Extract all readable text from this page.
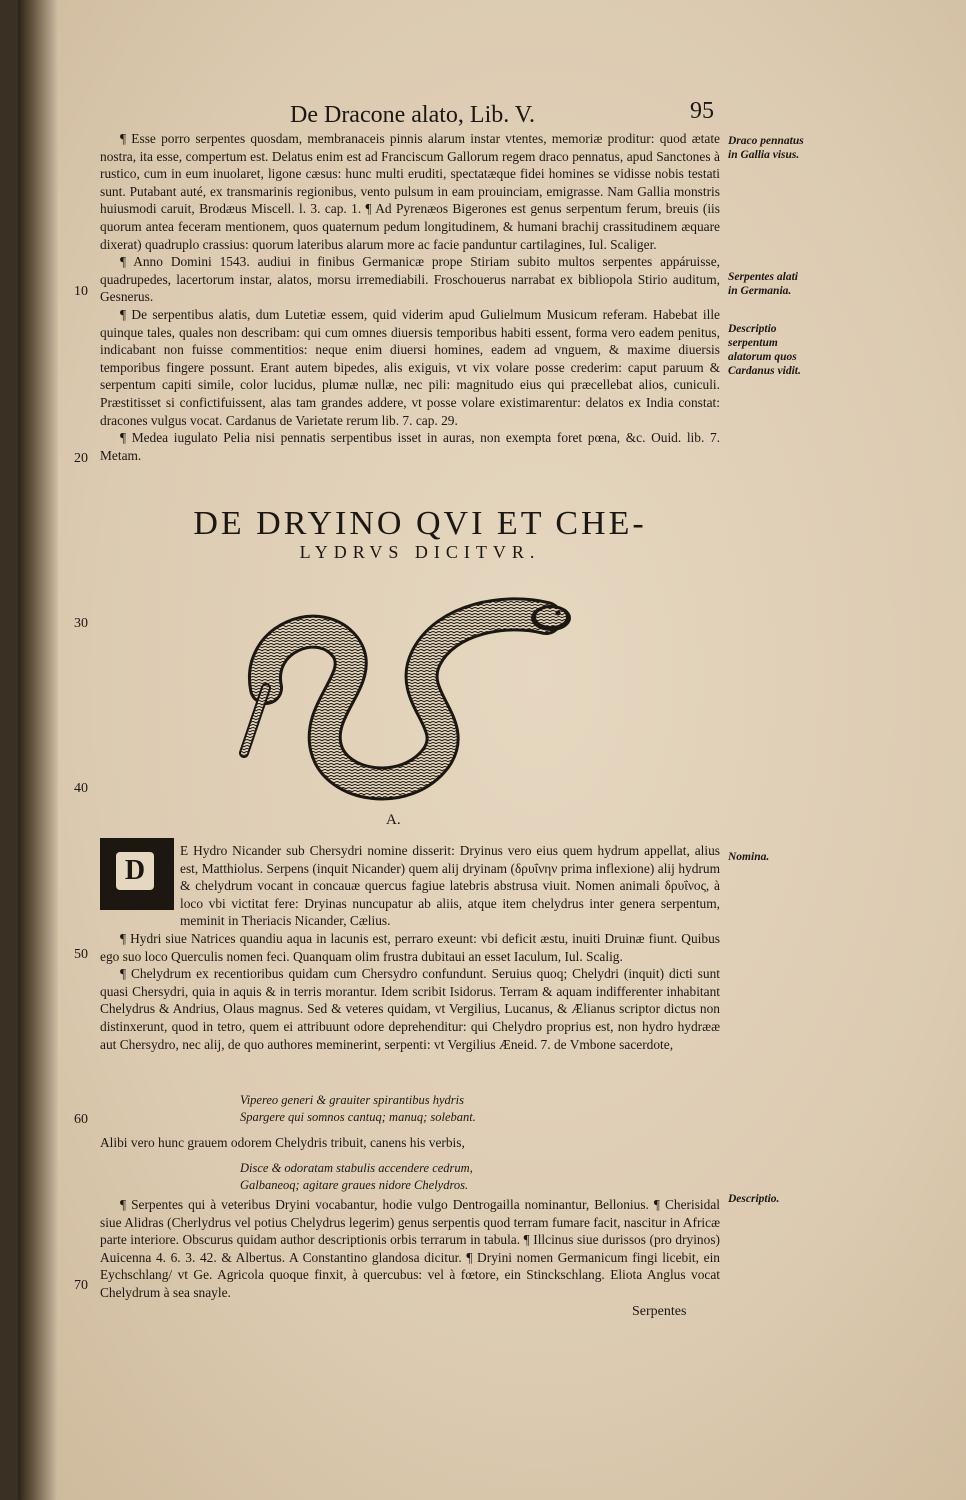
De Dracone alato, Lib. V.	95

¶ Esse porro serpentes quosdam, membranaceis pinnis alarum instar vtentes, memoriæ proditur: quod ætate nostra, ita esse, compertum est. Delatus enim est ad Franciscum Gallorum regem draco pennatus, apud Sanctones à rustico, cum in eum inuolaret, ligone cæsus: hunc multi eruditi, spectatæque fidei homines se vidisse nobis testati sunt. Putabant auté, ex transmarinis regionibus, vento pulsum in eam prouinciam, emigrasse. Nam Gallia monstris huiusmodi caruit, Brodæus Miscell. l. 3. cap. 1. ¶ Ad Pyrenæos Bigerones est genus serpentum ferum, breuis (iis quorum antea feceram mentionem, quos quaternum pedum longitudinem, & humani brachij crassitudinem æquare dixerat) quadruplo crassius: quorum lateribus alarum more ac facie panduntur cartilagines, Iul. Scaliger.

¶ Anno Domini 1543. audiui in finibus Germanicæ prope Stiriam subito multos serpentes appáruisse, quadrupedes, lacertorum instar, alatos, morsu irremediabili. Froschouerus narrabat ex bibliopola Stirio auditum, Gesnerus.

¶ De serpentibus alatis, dum Lutetiæ essem, quid viderim apud Gulielmum Musicum referam. Habebat ille quinque tales, quales non describam: qui cum omnes diuersis temporibus habiti essent, forma vero eadem penitus, indicabant non fuisse commentitios: neque enim diuersi homines, eadem ad vnguem, & maxime diuersis temporibus fingere possunt. Erant autem bipedes, alis exiguis, vt vix volare posse crederim: caput paruum & serpentum capiti simile, color lucidus, plumæ nullæ, nec pili: magnitudo eius qui præcellebat alios, cuniculi. Præstitisset si confictifuissent, alas tam grandes addere, vt posse volare existimarentur: delatos ex India constat: dracones vulgus vocat. Cardanus de Varietate rerum lib. 7. cap. 29.

¶ Medea iugulato Pelia nisi pennatis serpentibus isset in auras, non exempta foret pœna, &c. Ouid. lib. 7. Metam.

Draco pennatus in Gallia visus.
Serpentes alati in Germania.
Descriptio serpentum alatorum quos Cardanus vidit.
Nomina.
Descriptio.
10
20
30
40
50
60
70
DE DRYINO QVI ET CHE-
LYDRVS DICITVR.
A.
D

E Hydro Nicander sub Chersydri nomine disserit: Dryinus vero eius quem hydrum appellat, alius est, Matthiolus. Serpens (inquit Nicander) quem alij dryinam (δρυΐνην prima inflexione) alij hydrum & chelydrum vocant in concauæ quercus fagiue latebris abstrusa viuit. Nomen animali δρυΐνος, à loco vbi victitat fere: Dryinas nuncupatur ab aliis, atque item chelydrus inter genera serpentum, meminit in Theriacis Nicander, Cælius.

¶ Hydri siue Natrices quandiu aqua in lacunis est, perraro exeunt: vbi deficit æstu, inuiti Druinæ fiunt. Quibus ego suo loco Querculis nomen feci. Quanquam olim frustra dubitaui an esset Iaculum, Iul. Scalig.

¶ Chelydrum ex recentioribus quidam cum Chersydro confundunt. Seruius quoq; Chelydri (inquit) dicti sunt quasi Chersydri, quia in aquis & in terris morantur. Idem scribit Isidorus. Terram & aquam indifferenter inhabitant Chelydrus & Andrius, Olaus magnus. Sed & veteres quidam, vt Vergilius, Lucanus, & Ælianus scriptor dictus non distinxerunt, quod in tetro, quem ei attribuunt odore deprehenditur: qui Chelydro proprius est, non hydro hydrææ aut Chersydro, nec alij, de quo authores meminerint, serpenti: vt Vergilius Æneid. 7. de Vmbone sacerdote,

Vipereo generi & grauiter spirantibus hydris
Spargere qui somnos cantuq; manuq; solebant.

Alibi vero hunc grauem odorem Chelydris tribuit, canens his verbis,

Disce & odoratam stabulis accendere cedrum,
Galbaneoq; agitare graues nidore Chelydros.

¶ Serpentes qui à veteribus Dryini vocabantur, hodie vulgo Dentrogailla nominantur, Bellonius. ¶ Cherisidal siue Alidras (Cherlydrus vel potius Chelydrus legerim) genus serpentis quod terram fumare facit, nascitur in Africæ parte interiore. Obscurus quidam author descriptionis orbis terrarum in tabula. ¶ Illcinus siue durissos (pro dryinos) Auicenna 4. 6. 3. 42. & Albertus. A Constantino glandosa dicitur. ¶ Dryini nomen Germanicum fingi licebit, ein Eychschlang/ vt Ge. Agricola quoque finxit, à quercubus: vel à fœtore, ein Stinckschlang. Eliota Anglus vocat Chelydrum à sea snayle.

Serpentes
